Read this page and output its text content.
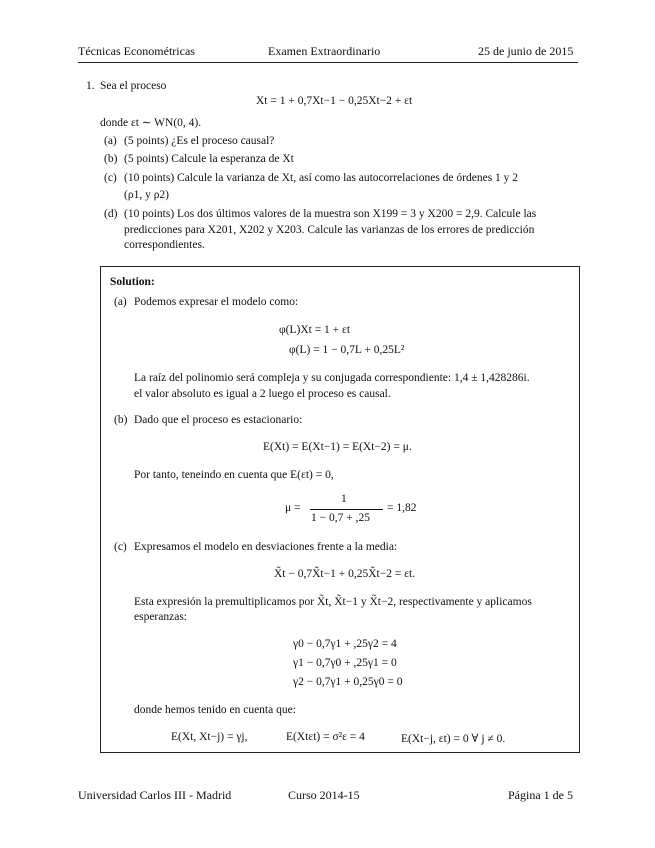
Técnicas Econométricas	Examen Extraordinario	25 de junio de 2015
1. Sea el proceso
Xt = 1 + 0,7Xt−1 − 0,25Xt−2 + εt
donde εt ∼ WN(0, 4).
(a) (5 points) ¿Es el proceso causal?
(b) (5 points) Calcule la esperanza de Xt
(c) (10 points) Calcule la varianza de Xt, así como las autocorrelaciones de órdenes 1 y 2
(ρ1, y ρ2)
(d) (10 points) Los dos últimos valores de la muestra son X199 = 3 y X200 = 2,9. Calcule las
predicciones para X201, X202 y X203. Calcule las varianzas de los errores de predicción
correspondientes.
Solution:
(a) Podemos expresar el modelo como:
φ(L)Xt = 1 + εt
φ(L) = 1 − 0,7L + 0,25L²
La raíz del polinomio será compleja y su conjugada correspondiente: 1,4 ± 1,428286i.
el valor absoluto es igual a 2 luego el proceso es causal.
(b) Dado que el proceso es estacionario:
E(Xt) = E(Xt−1) = E(Xt−2) = μ.
Por tanto, teneindo en cuenta que E(εt) = 0,
μ =
1
1 − 0,7 + ,25
= 1,82
(c) Expresamos el modelo en desviaciones frente a la media:
X̃t − 0,7X̃t−1 + 0,25X̃t−2 = εt.
Esta expresión la premultiplicamos por X̃t, X̃t−1 y X̃t−2, respectivamente y aplicamos
esperanzas:
γ0 − 0,7γ1 + ,25γ2 = 4
γ1 − 0,7γ0 + ,25γ1 = 0
γ2 − 0,7γ1 + 0,25γ0 = 0
donde hemos tenido en cuenta que:
E(Xt, Xt−j) = γj,	E(Xtεt) = σ²ε = 4	E(Xt−j, εt) = 0 ∀ j ≠ 0.
Universidad Carlos III - Madrid	Curso 2014-15	Página 1 de 5
